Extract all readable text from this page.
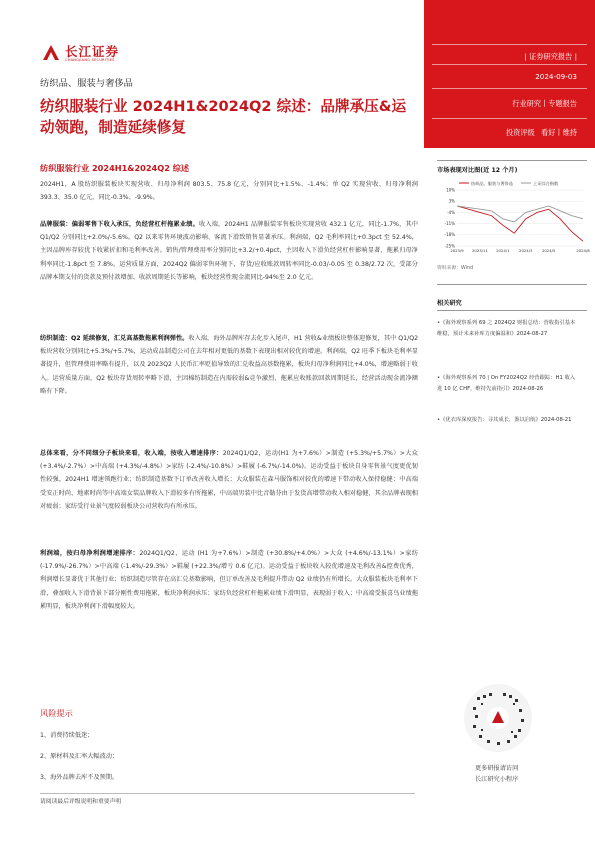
| 证券研究报告 |
2024-09-03
行业研究丨专题报告
投资评级 看好丨维持
长江证券
CHANGJIANG SECURITIES
纺织品、服装与奢侈品
纺织服装行业 2024H1&2024Q2 综述：品牌承压&运动领跑，制造延续修复
纺织服装行业 2024H1&2024Q2 综述
2024H1，A 股纺织服装板块实现营收、归母净利润 803.5、75.8 亿元，分别同比+1.5%、-1.4%；单 Q2 实现营收、归母净利润 393.3、35.0 亿元，同比-0.3%、-9.9%。
品牌服装：偏弱零售下收入承压，负经营杠杆拖累业绩。收入端，2024H1 品牌服装零售板块实现营收 432.1 亿元，同比-1.7%，其中 Q1/Q2 分别同比+2.0%/-5.6%。Q2 以来零售环境波动影响、客流下滑致销售显著承压。利润端，Q2 毛利率同比+0.3pct 至 52.4%，主因品牌库存较优下收紧折扣和毛利率改善。销售/管理费用率分别同比+3.2/+0.4pct，主因收入下滑负经营杠杆影响显著，拖累归母净利率同比-1.8pct 至 7.8%。运营质量方面，2024Q2 偏弱零售环境下，存货/应收账款周转率同比-0.03/-0.05 至 0.38/2.72 次，受部分品牌本期支付的货款及预付款增加、收款周期延长等影响，板块经营性现金流同比-94%至 2.0 亿元。
纺织制造：Q2 延续修复，汇兑高基数拖累利润弹性。收入端，海外品牌库存去化步入尾声，H1 营收&业绩板块整体迎修复，其中 Q1/Q2 板块营收分别同比+5.3%/+5.7%，运动成品制造公司在去年相对更低的基数下表现出相对较优的增速。利润端，Q2 旺季下板块毛利率显著提升，但管理费用率略有提升，以及 2023Q2 人民币汇率贬值导致的汇兑收益高基数拖累，板块归母净利润同比+4.0%，增速略弱于收入。运营质量方面，Q2 板块存货周转率略下滑，主因棉纺制造在内需较弱&竞争激烈，拖累应收账款回款周期延长，经营活动现金流净额略有下降。
总体来看，分不同细分子板块来看，收入端，按收入增速排序：2024Q1/Q2，运动(H1 为+7.6%）>制造 (+5.3%/+5.7%）>大众 (+3.4%/-2.7%）>中高端 (+4.3%/-4.8%）>家纺 (-2.4%/-10.8%）>鞋履 (-6.7%/-14.0%)。运动受益于板块自身零售景气度更优韧性较强，2024H1 增速领跑行业；纺织制造基数下订单改善收入增长；大众服装在森马服饰相对较优的增速下带动收入保持稳健；中高端受安正时尚、地素时尚等中高端女装品牌收入下滑较多有所拖累，中高端男装中比音勒芬由于发货高增带动收入相对稳健，其余品牌表现相对疲弱；家纺受行业景气度较弱板块公司营收均有所承压。
利润端，按归母净利润增速排序：2024Q1/Q2，运动 (H1 为+7.6%）>制造 (+30.8%/+4.0%）>大众 (+4.6%/-13.1%）>家纺 (-17.9%/-26.7%）>中高端 (-1.4%/-29.3%）>鞋履 (+22.3%/增亏 0.6 亿元)。运动受益于板块收入较优增速及毛利改善&控费优秀，利润增长显著优于其他行业；纺织制造尽管存在高汇兑基数影响，但订单改善及毛利提升带动 Q2 业绩仍有所增长。大众服装板块毛利率下滑，叠加收入下滑背景下部分刚性费用拖累，板块净利润承压；家纺负经营杠杆拖累业绩下滑明显，表现弱于收入；中高端受报喜鸟业绩拖累明显，板块净利润下滑幅度较大。
风险提示
1、消费持续低迷；
2、原材料及汇率大幅波动；
3、海外品牌去库不及预期。
请阅读最后评级说明和重要声明
市场表现对比图(近 12 个月)
纺织品、服装与奢侈品	上证综合指数
10%
3%
-4%
-11%
-18%
-25%
2023/9 2023/11 2024/1	2024/3	2024/5	2024/8
资料来源：Wind
相关研究
•《海外观察系列 69 之 2024Q2 财报总结：营收指引基本维稳，预计未来补库力度偏温和》2024-08-27
•《海外观察系列 70 | On FY2024Q2 经营跟踪：H1 收入进 10 亿 CHF，维持先前指引》2024-08-26
•《优衣库深度报告：寻其成长，鉴以启航》2024-08-21
更多研报请访问
长江研究小程序
